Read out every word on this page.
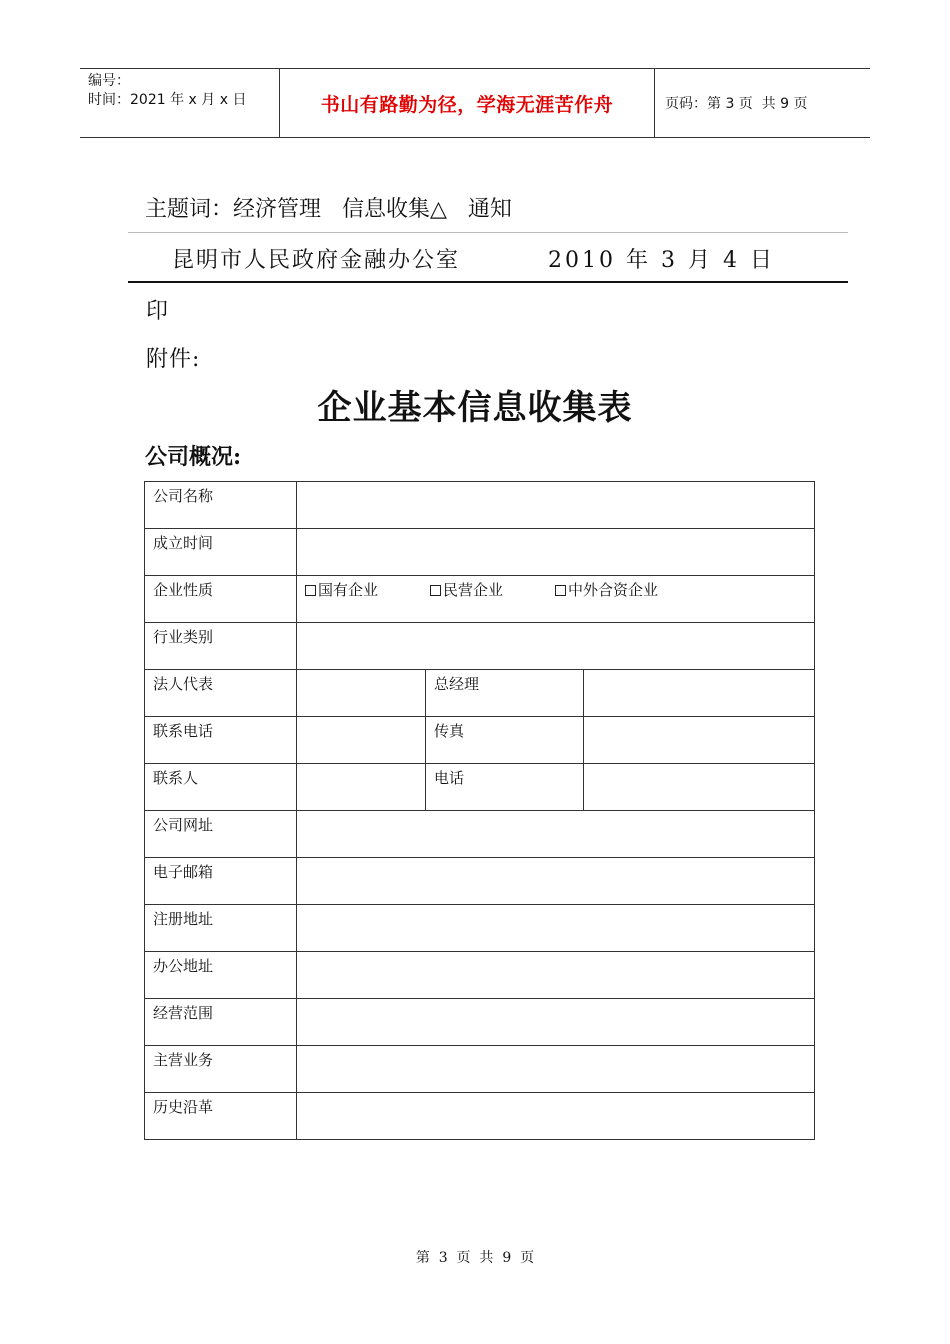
编号：
时间：2021 年 x 月 x 日	书山有路勤为径，学海无涯苦作舟	页码：第 3 页  共 9 页
主题词：经济管理   信息收集△   通知
昆明市人民政府金融办公室	2010 年 3 月 4 日
印
附件:
企业基本信息收集表
公司概况:
公司名称			
成立时间			
企业性质	国有企业 民营企业 中外合资企业		

行业类别			
法人代表		总经理	
联系电话		传真	
联系人		电话	
公司网址			
电子邮箱			
注册地址			
办公地址			
经营范围			
主营业务			
历史沿革			
第  3  页  共  9  页
